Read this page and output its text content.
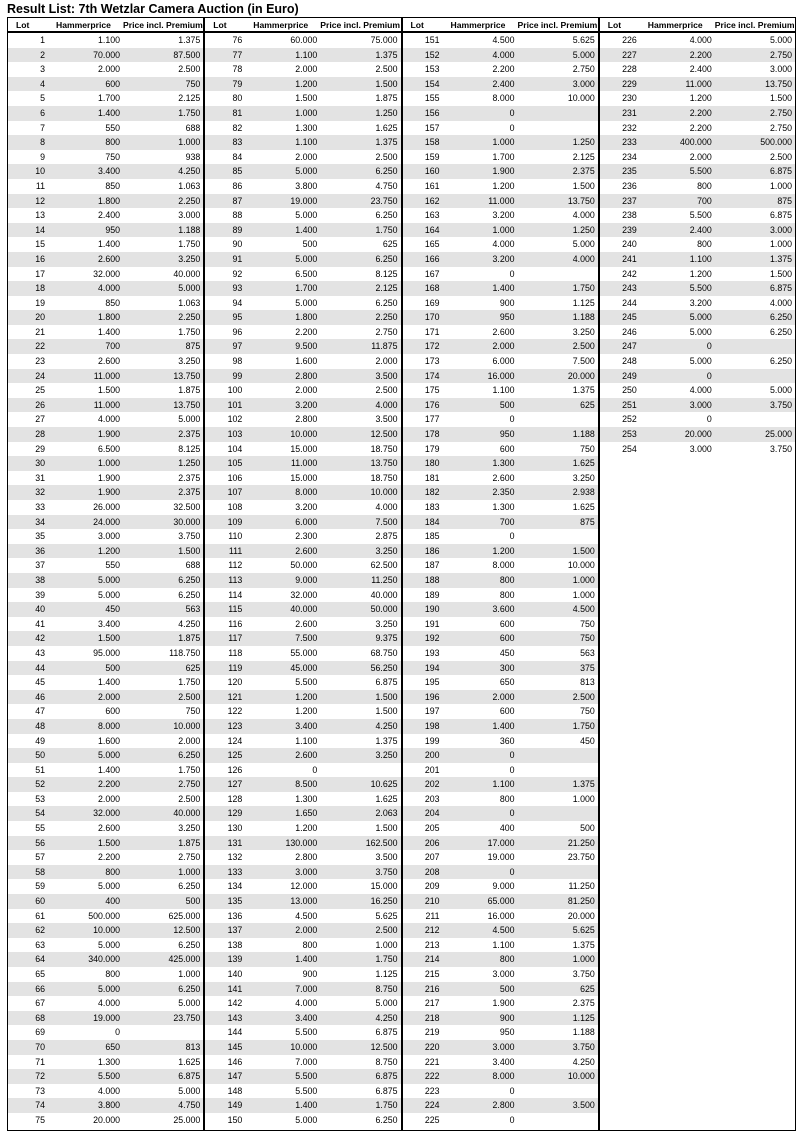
Result List: 7th Wetzlar Camera Auction (in Euro)
Lot	Hammerprice	Price incl. Premium
1	1.100	1.375
2	70.000	87.500
3	2.000	2.500
4	600	750
5	1.700	2.125
6	1.400	1.750
7	550	688
8	800	1.000
9	750	938
10	3.400	4.250
11	850	1.063
12	1.800	2.250
13	2.400	3.000
14	950	1.188
15	1.400	1.750
16	2.600	3.250
17	32.000	40.000
18	4.000	5.000
19	850	1.063
20	1.800	2.250
21	1.400	1.750
22	700	875
23	2.600	3.250
24	11.000	13.750
25	1.500	1.875
26	11.000	13.750
27	4.000	5.000
28	1.900	2.375
29	6.500	8.125
30	1.000	1.250
31	1.900	2.375
32	1.900	2.375
33	26.000	32.500
34	24.000	30.000
35	3.000	3.750
36	1.200	1.500
37	550	688
38	5.000	6.250
39	5.000	6.250
40	450	563
41	3.400	4.250
42	1.500	1.875
43	95.000	118.750
44	500	625
45	1.400	1.750
46	2.000	2.500
47	600	750
48	8.000	10.000
49	1.600	2.000
50	5.000	6.250
51	1.400	1.750
52	2.200	2.750
53	2.000	2.500
54	32.000	40.000
55	2.600	3.250
56	1.500	1.875
57	2.200	2.750
58	800	1.000
59	5.000	6.250
60	400	500
61	500.000	625.000
62	10.000	12.500
63	5.000	6.250
64	340.000	425.000
65	800	1.000
66	5.000	6.250
67	4.000	5.000
68	19.000	23.750
69	0
70	650	813
71	1.300	1.625
72	5.500	6.875
73	4.000	5.000
74	3.800	4.750
75	20.000	25.000
Lot	Hammerprice	Price incl. Premium
76	60.000	75.000
77	1.100	1.375
78	2.000	2.500
79	1.200	1.500
80	1.500	1.875
81	1.000	1.250
82	1.300	1.625
83	1.100	1.375
84	2.000	2.500
85	5.000	6.250
86	3.800	4.750
87	19.000	23.750
88	5.000	6.250
89	1.400	1.750
90	500	625
91	5.000	6.250
92	6.500	8.125
93	1.700	2.125
94	5.000	6.250
95	1.800	2.250
96	2.200	2.750
97	9.500	11.875
98	1.600	2.000
99	2.800	3.500
100	2.000	2.500
101	3.200	4.000
102	2.800	3.500
103	10.000	12.500
104	15.000	18.750
105	11.000	13.750
106	15.000	18.750
107	8.000	10.000
108	3.200	4.000
109	6.000	7.500
110	2.300	2.875
111	2.600	3.250
112	50.000	62.500
113	9.000	11.250
114	32.000	40.000
115	40.000	50.000
116	2.600	3.250
117	7.500	9.375
118	55.000	68.750
119	45.000	56.250
120	5.500	6.875
121	1.200	1.500
122	1.200	1.500
123	3.400	4.250
124	1.100	1.375
125	2.600	3.250
126	0
127	8.500	10.625
128	1.300	1.625
129	1.650	2.063
130	1.200	1.500
131	130.000	162.500
132	2.800	3.500
133	3.000	3.750
134	12.000	15.000
135	13.000	16.250
136	4.500	5.625
137	2.000	2.500
138	800	1.000
139	1.400	1.750
140	900	1.125
141	7.000	8.750
142	4.000	5.000
143	3.400	4.250
144	5.500	6.875
145	10.000	12.500
146	7.000	8.750
147	5.500	6.875
148	5.500	6.875
149	1.400	1.750
150	5.000	6.250
Lot	Hammerprice	Price incl. Premium
151	4.500	5.625
152	4.000	5.000
153	2.200	2.750
154	2.400	3.000
155	8.000	10.000
156	0
157	0
158	1.000	1.250
159	1.700	2.125
160	1.900	2.375
161	1.200	1.500
162	11.000	13.750
163	3.200	4.000
164	1.000	1.250
165	4.000	5.000
166	3.200	4.000
167	0
168	1.400	1.750
169	900	1.125
170	950	1.188
171	2.600	3.250
172	2.000	2.500
173	6.000	7.500
174	16.000	20.000
175	1.100	1.375
176	500	625
177	0
178	950	1.188
179	600	750
180	1.300	1.625
181	2.600	3.250
182	2.350	2.938
183	1.300	1.625
184	700	875
185	0
186	1.200	1.500
187	8.000	10.000
188	800	1.000
189	800	1.000
190	3.600	4.500
191	600	750
192	600	750
193	450	563
194	300	375
195	650	813
196	2.000	2.500
197	600	750
198	1.400	1.750
199	360	450
200	0
201	0
202	1.100	1.375
203	800	1.000
204	0
205	400	500
206	17.000	21.250
207	19.000	23.750
208	0
209	9.000	11.250
210	65.000	81.250
211	16.000	20.000
212	4.500	5.625
213	1.100	1.375
214	800	1.000
215	3.000	3.750
216	500	625
217	1.900	2.375
218	900	1.125
219	950	1.188
220	3.000	3.750
221	3.400	4.250
222	8.000	10.000
223	0
224	2.800	3.500
225	0
Lot	Hammerprice	Price incl. Premium
226	4.000	5.000
227	2.200	2.750
228	2.400	3.000
229	11.000	13.750
230	1.200	1.500
231	2.200	2.750
232	2.200	2.750
233	400.000	500.000
234	2.000	2.500
235	5.500	6.875
236	800	1.000
237	700	875
238	5.500	6.875
239	2.400	3.000
240	800	1.000
241	1.100	1.375
242	1.200	1.500
243	5.500	6.875
244	3.200	4.000
245	5.000	6.250
246	5.000	6.250
247	0
248	5.000	6.250
249	0
250	4.000	5.000
251	3.000	3.750
252	0
253	20.000	25.000
254	3.000	3.750
